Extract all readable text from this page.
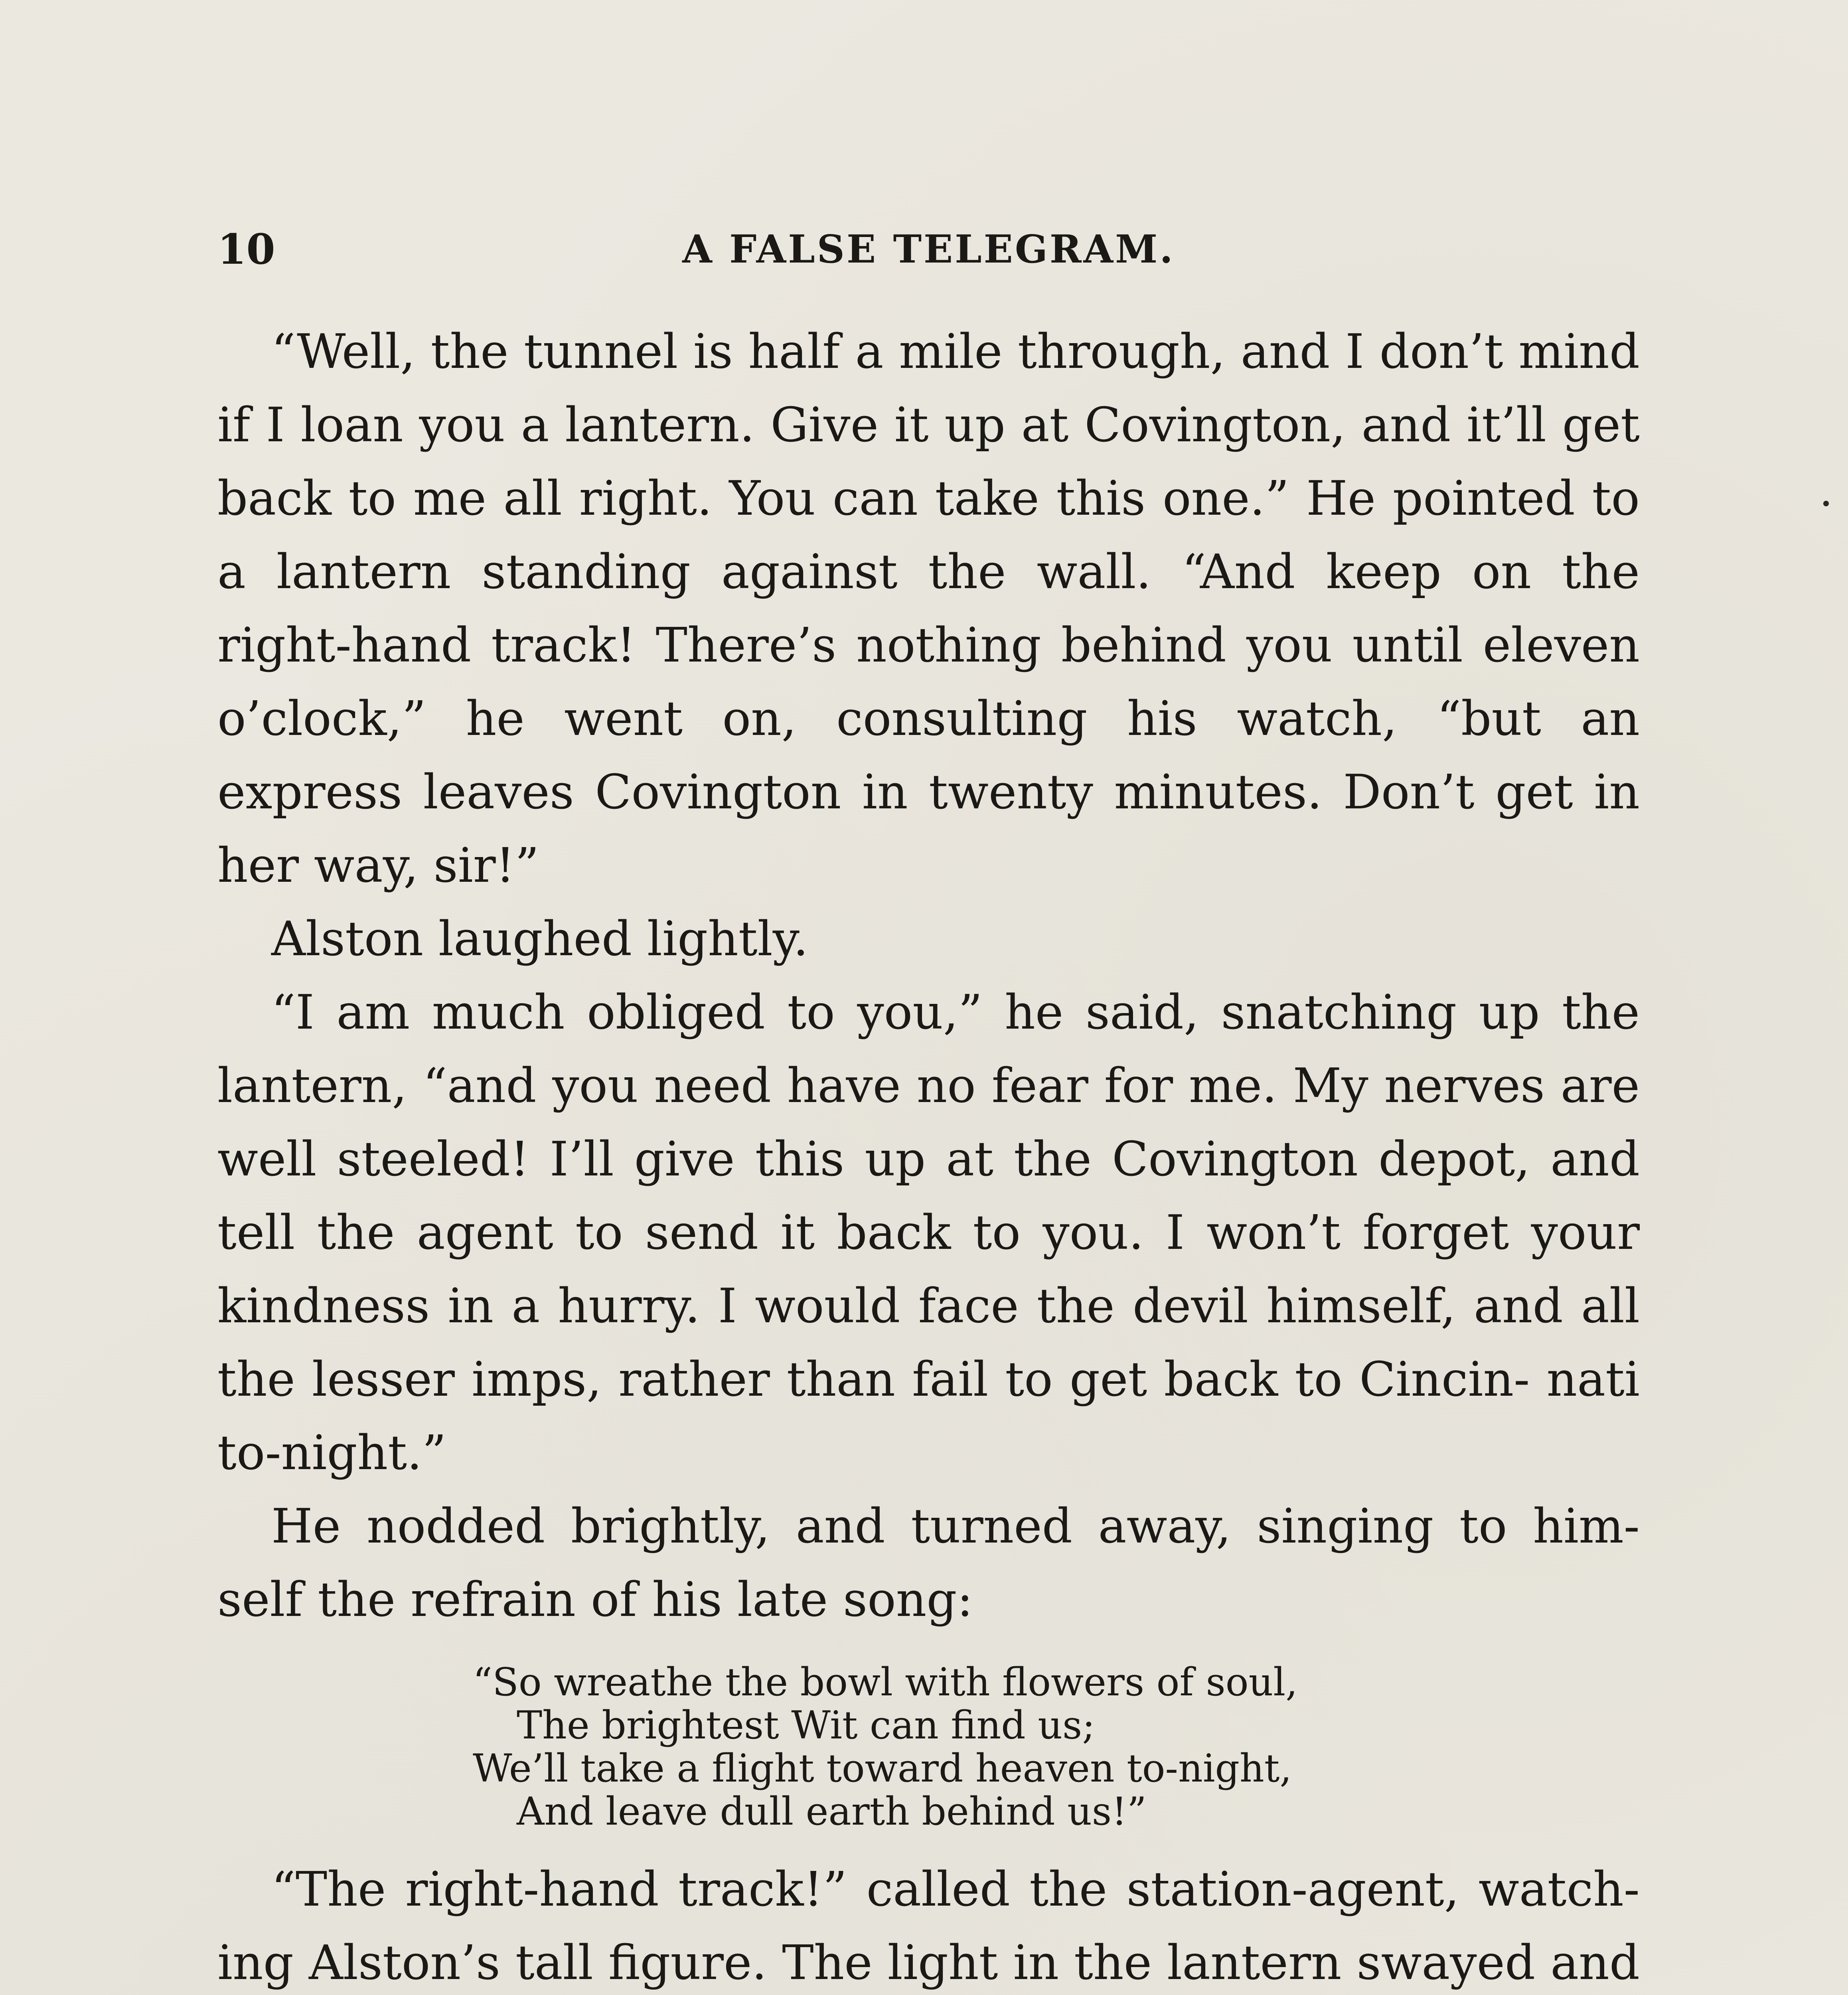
10	A FALSE TELEGRAM.

“Well, the tunnel is half a mile through, and I don’t mind if I loan you a lantern. Give it up at Covington, and it’ll get back to me all right. You can take this one.” He pointed to a lantern standing against the wall. “And keep on the right-hand track! There’s nothing behind you until eleven o’clock,” he went on, consulting his watch, “but an express leaves Covington in twenty minutes. Don’t get in her way, sir!”

Alston laughed lightly.

“I am much obliged to you,” he said, snatching up the lantern, “and you need have no fear for me. My nerves are well steeled! I’ll give this up at the Covington depot, and tell the agent to send it back to you. I won’t forget your kindness in a hurry. I would face the devil himself, and all the lesser imps, rather than fail to get back to Cincin- nati to-night.”

He nodded brightly, and turned away, singing to him- self the refrain of his late song:

“So wreathe the bowl with flowers of soul,
The brightest Wit can find us;
We’ll take a flight toward heaven to-night,
And leave dull earth behind us!”

“The right-hand track!” called the station-agent, watch- ing Alston’s tall figure. The light in the lantern swayed and
